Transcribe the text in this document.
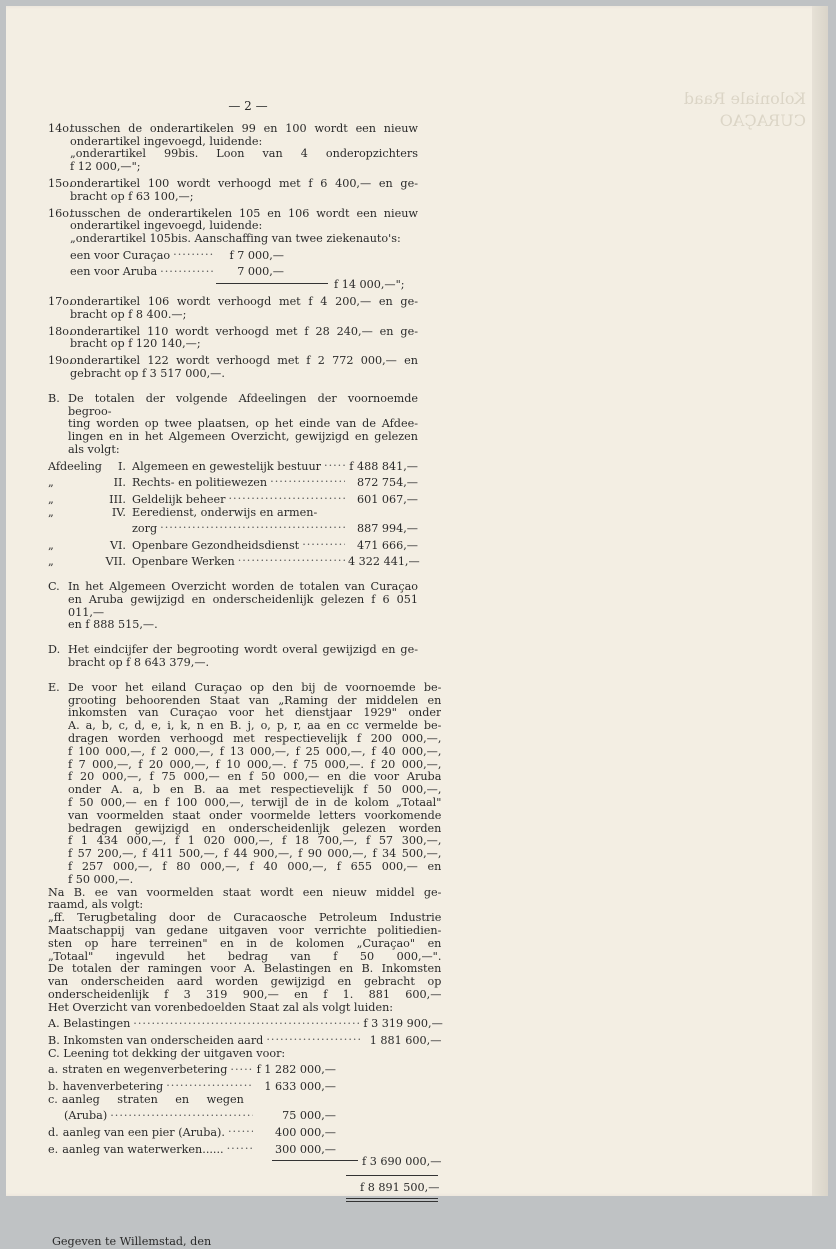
Koloniale Raad
CURAÇAO
— 2 —
14o.
tusschen de onderartikelen 99 en 100 wordt een nieuw
onderartikel ingevoegd, luidende:
„onderartikel 99bis. Loon van 4 onderopzichters
f 12 000,—";
15o.
onderartikel 100 wordt verhoogd met f 6 400,— en ge-
bracht op f 63 100,—;
16o.
tusschen de onderartikelen 105 en 106 wordt een nieuw
onderartikel ingevoegd, luidende:
„onderartikel 105bis. Aanschaffing van twee ziekenauto's:
een voor Curaçao .....	f 7 000,—
een voor Aruba .....	7 000,—
f 14 000,—";
17o.
onderartikel 106 wordt verhoogd met f 4 200,— en ge-
bracht op f 8 400.—;
18o.
onderartikel 110 wordt verhoogd met f 28 240,— en ge-
bracht op f 120 140,—;
19o.
onderartikel 122 wordt verhoogd met f 2 772 000,— en
gebracht op f 3 517 000,—.
B. De totalen der volgende Afdeelingen der voornoemde begroo-
ting worden op twee plaatsen, op het einde van de Afdee-
lingen en in het Algemeen Overzicht, gewijzigd en gelezen
als volgt:
Afdeeling	I. Algemeen en gewestelijk bestuur .....	f 488 841,—
„	II. Rechts- en politiewezen .....	872 754,—
„	III. Geldelijk beheer .....	601 067,—
„	IV. Eeredienst, onderwijs en armen-
zorg .....	887 994,—
„	VI. Openbare Gezondheidsdienst .....	471 666,—
„	VII. Openbare Werken .....	4 322 441,—
C. In het Algemeen Overzicht worden de totalen van Curaçao
en Aruba gewijzigd en onderscheidenlijk gelezen f 6 051 011,—
en f 888 515,—.
D. Het eindcijfer der begrooting wordt overal gewijzigd en ge-
bracht op f 8 643 379,—.
E. De voor het eiland Curaçao op den bij de voornoemde be-
grooting behoorenden Staat van „Raming der middelen en
inkomsten van Curaçao voor het dienstjaar 1929" onder
A. a, b, c, d, e, i, k, n en B. j, o, p, r, aa en cc vermelde be-
dragen worden verhoogd met respectievelijk f 200 000,—,
f 100 000,—, f 2 000,—, f 13 000,—, f 25 000,—, f 40 000,—,
f 7 000,—, f 20 000,—, f 10 000,—. f 75 000,—. f 20 000,—,
f 20 000,—, f 75 000,— en f 50 000,— en die voor Aruba
onder A. a, b en B. aa met respectievelijk f 50 000,—,
f 50 000,— en f 100 000,—, terwijl de in de kolom „Totaal"
van voormelden staat onder voormelde letters voorkomende
bedragen gewijzigd en onderscheidenlijk gelezen worden
f 1 434 000,—, f 1 020 000,—, f 18 700,—, f 57 300,—,
f 57 200,—, f 411 500,—, f 44 900,—, f 90 000,—, f 34 500,—,
f 257 000,—, f 80 000,—, f 40 000,—, f 655 000,— en
f 50 000,—.
Na B. ee van voormelden staat wordt een nieuw middel ge-
raamd, als volgt:
„ff. Terugbetaling door de Curacaosche Petroleum Industrie
Maatschappij van gedane uitgaven voor verrichte politiedien-
sten op hare terreinen" en in de kolomen „Curaçao" en
„Totaal" ingevuld het bedrag van f 50 000,—".
De totalen der ramingen voor A. Belastingen en B. Inkomsten
van onderscheiden aard worden gewijzigd en gebracht op
onderscheidenlijk f 3 319 900,— en f 1. 881 600,—
Het Overzicht van vorenbedoelden Staat zal als volgt luiden:
A. Belastingen .....	f 3 319 900,—
B. Inkomsten van onderscheiden aard .....	1 881 600,—
C. Leening tot dekking der uitgaven voor:
a. straten en wegenverbetering .....	f 1 282 000,—
b. havenverbetering .....	1 633 000,—
c. aanleg straten en wegen
(Aruba) .....	75 000,—
d. aanleg van een pier (Aruba). .....	400 000,—
e. aanleg van waterwerken...... .....	300 000,—
f 3 690 000,—
f 8 891 500,—
Gegeven te Willemstad, den
